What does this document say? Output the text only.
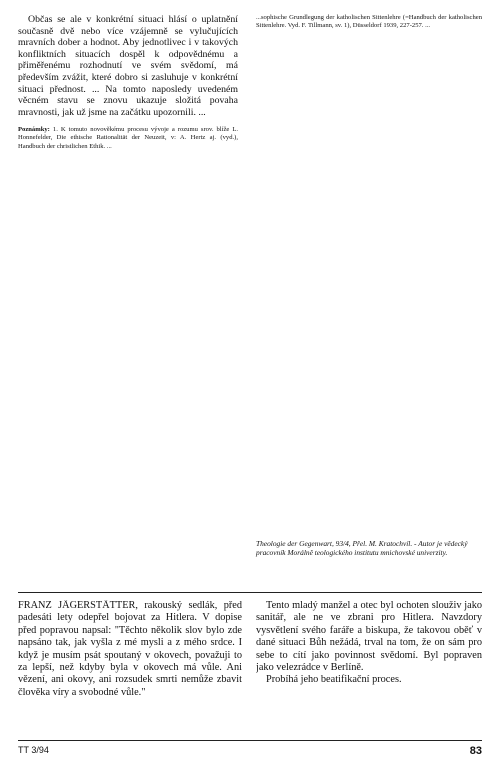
Občas se ale v konkrétní situaci hlásí o uplatnění současně dvě nebo více vzájemně se vylučujících mravních dober a hodnot. Aby jednotlivec i v takových konfliktních situacích dospěl k odpovědnému a přiměřenému rozhodnutí ve svém svědomí, má především zvážit, které dobro si zasluhuje v konkrétní situaci přednost. ... Na tomto naposledy uvedeném věcném stavu se znovu ukazuje složitá povaha mravnosti, jak už jsme na začátku upozornili. ...

Poznámky: 1. K tomuto novověkému procesu vývoje a rozumu srov. blíže L. Honnefelder, Die ethische Rationalität der Neuzeit, v: A. Hertz aj. (vyd.), Handbuch der christlichen Ethik. ...

...sophische Grundlegung der katholischen Sittenlehre (=Handbuch der katholischen Sittenlehre. Vyd. F. Tillmann, sv. 1), Düsseldorf 1939, 227-257. ...

Theologie der Gegenwart, 93/4, Přel. M. Kratochvíl. - Autor je vědecký pracovník Morálně teologického institutu mnichovské univerzity.

FRANZ JÄGERSTÄTTER, rakouský sedlák, před padesáti lety odepřel bojovat za Hitlera. V dopise před popravou napsal: "Těchto několik slov bylo zde napsáno tak, jak vyšla z mé mysli a z mého srdce. I když je musím psát spoutaný v okovech, považuji to za lepší, než kdyby byla v okovech má vůle. Ani vězení, ani okovy, ani rozsudek smrti nemůže zbavit člověka víry a svobodné vůle."

Tento mladý manžel a otec byl ochoten slouživ jako sanitář, ale ne ve zbrani pro Hitlera. Navzdory vysvětlení svého faráře a biskupa, že takovou oběť v dané situaci Bůh nežádá, trval na tom, že on sám pro sebe to cítí jako povinnost svědomí. Byl popraven jako velezrádce v Berlíně.

Probíhá jeho beatifikační proces.

TT 3/94	83
